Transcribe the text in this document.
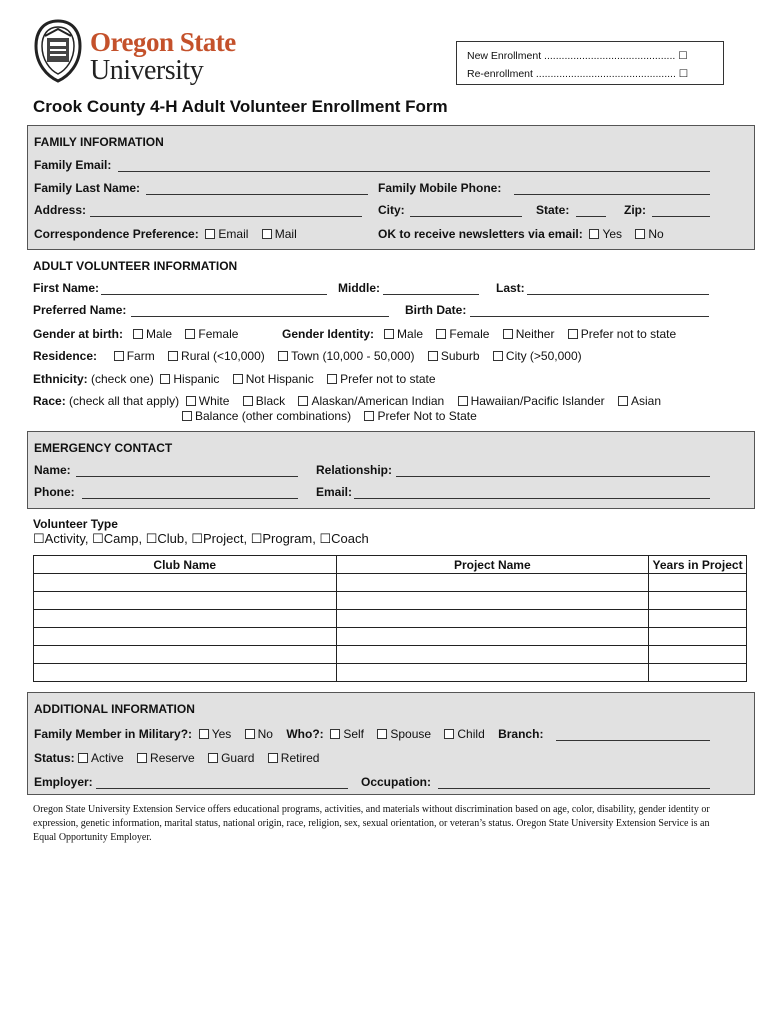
Oregon State
University	New Enrollment ............................................. ☐
Re-enrollment ................................................ ☐
Crook County 4-H Adult Volunteer Enrollment Form
FAMILY INFORMATION
Family Email:
Family Last Name:	Family Mobile Phone:
Address:	City:	State:	Zip:
Correspondence Preference: Email Mail	OK to receive newsletters via email: Yes No
ADULT VOLUNTEER INFORMATION
First Name:	Middle:	Last:
Preferred Name:	Birth Date:
Gender at birth: Male Female	Gender Identity: Male Female Neither Prefer not to state
Residence: Farm Rural (<10,000) Town (10,000 - 50,000) Suburb City (>50,000)
Ethnicity: (check one) Hispanic Not Hispanic Prefer not to state
Race: (check all that apply) White Black Alaskan/American Indian Hawaiian/Pacific Islander Asian
Balance (other combinations) Prefer Not to State
EMERGENCY CONTACT
Name:	Relationship:
Phone:	Email:
Volunteer Type
☐Activity, ☐Camp, ☐Club, ☐Project, ☐Program, ☐Coach
Club Name	Project Name	Years in Project

ADDITIONAL INFORMATION
Family Member in Military?: Yes No Who?: Self Spouse Child Branch:
Status: Active Reserve Guard Retired
Employer:	Occupation:
Oregon State University Extension Service offers educational programs, activities, and materials without discrimination based on age, color, disability, gender identity or expression, genetic information, marital status, national origin, race, religion, sex, sexual orientation, or veteran’s status. Oregon State University Extension Service is an Equal Opportunity Employer.
